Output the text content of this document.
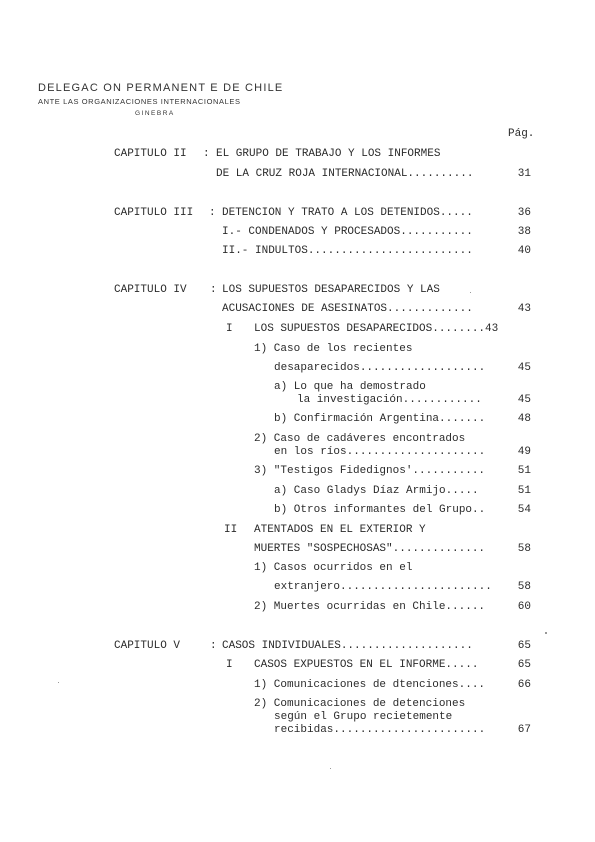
DELEGAC ON PERMANENT E DE CHILE
ANTE LAS ORGANIZACIONES INTERNACIONALES
GINEBRA
Pág.
CAPITULO II : EL GRUPO DE TRABAJO Y LOS INFORMES
DE LA CRUZ ROJA INTERNACIONAL..........	31
CAPITULO III : DETENCION Y TRATO A LOS DETENIDOS.....	36
I.- CONDENADOS Y PROCESADOS...........	38
II.- INDULTOS.........................	40
CAPITULO IV : LOS SUPUESTOS DESAPARECIDOS Y LAS
ACUSACIONES DE ASESINATOS.............	43
I LOS SUPUESTOS DESAPARECIDOS........43
1) Caso de los recientes
desaparecidos...................	45
a) Lo que ha demostrado
la investigación............	45
b) Confirmación Argentina.......	48
2) Caso de cadáveres encontrados
en los ríos.....................	49
3) "Testigos Fidedignos'...........	51
a) Caso Gladys Díaz Armijo.....	51
b) Otros informantes del Grupo..	54
II ATENTADOS EN EL EXTERIOR Y
MUERTES "SOSPECHOSAS"..............	58
1) Casos ocurridos en el
extranjero....................... 58
2) Muertes ocurridas en Chile......	60
CAPITULO V	: CASOS INDIVIDUALES....................	65
I CASOS EXPUESTOS EN EL INFORME.....	65
1) Comunicaciones de dtenciones....	66
2) Comunicaciones de detenciones
según el Grupo recietemente
recibidas.......................	67
